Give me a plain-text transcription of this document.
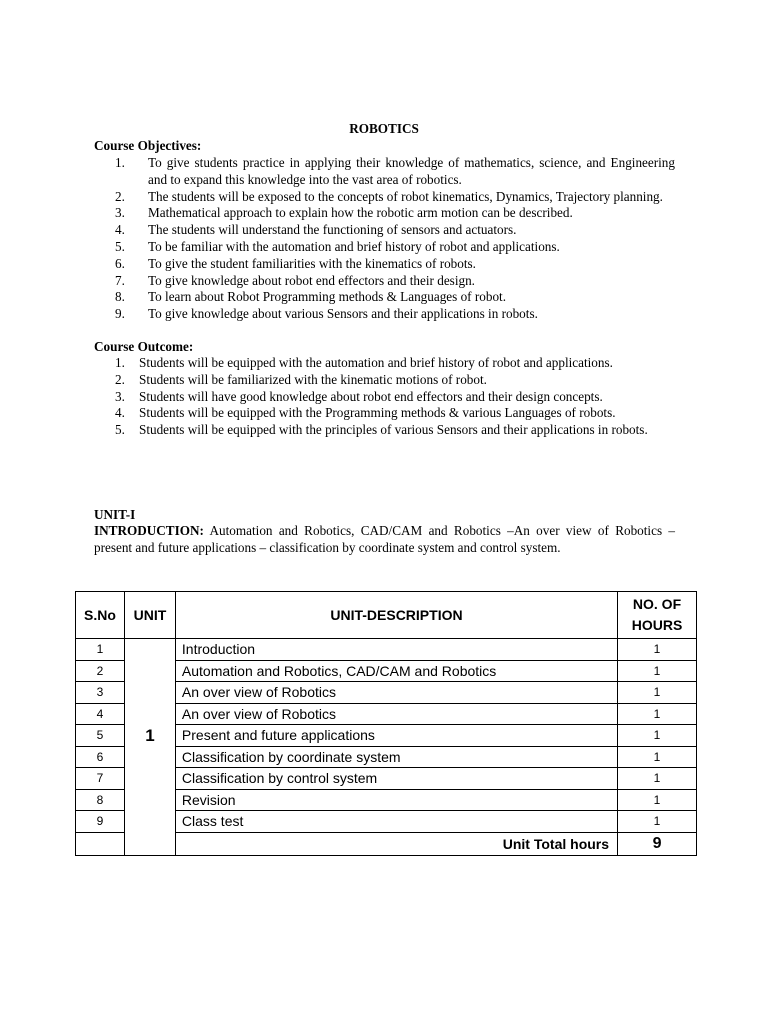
ROBOTICS
Course Objectives:
1.	To give students practice in applying their knowledge of mathematics, science, and Engineering and to expand this knowledge into the vast area of robotics.
2.	The students will be exposed to the concepts of robot kinematics, Dynamics, Trajectory planning.
3.	Mathematical approach to explain how the robotic arm motion can be described.
4.	The students will understand the functioning of sensors and actuators.
5.	To be familiar with the automation and brief history of robot and applications.
6.	To give the student familiarities with the kinematics of robots.
7.	To give knowledge about robot end effectors and their design.
8.	To learn about Robot Programming methods & Languages of robot.
9.	To give knowledge about various Sensors and their applications in robots.
Course Outcome:
1. Students will be equipped with the automation and brief history of robot and applications.
2. Students will be familiarized with the kinematic motions of robot.
3. Students will have good knowledge about robot end effectors and their design concepts.
4. Students will be equipped with the Programming methods & various Languages of robots.
5. Students will be equipped with the principles of various Sensors and their applications in robots.
UNIT-I
INTRODUCTION: Automation and Robotics, CAD/CAM and Robotics –An over view of Robotics – present and future applications – classification by coordinate system and control system.
S.No	UNIT	UNIT-DESCRIPTION	NO. OF HOURS
1	1	Introduction	1
2		Automation and Robotics, CAD/CAM and Robotics	1
3		An over view of Robotics	1
4		An over view of Robotics	1
5		Present and future applications	1
6		Classification by coordinate system	1
7		Classification by control system	1
8		Revision	1
9		Class test	1
		Unit Total hours	9
